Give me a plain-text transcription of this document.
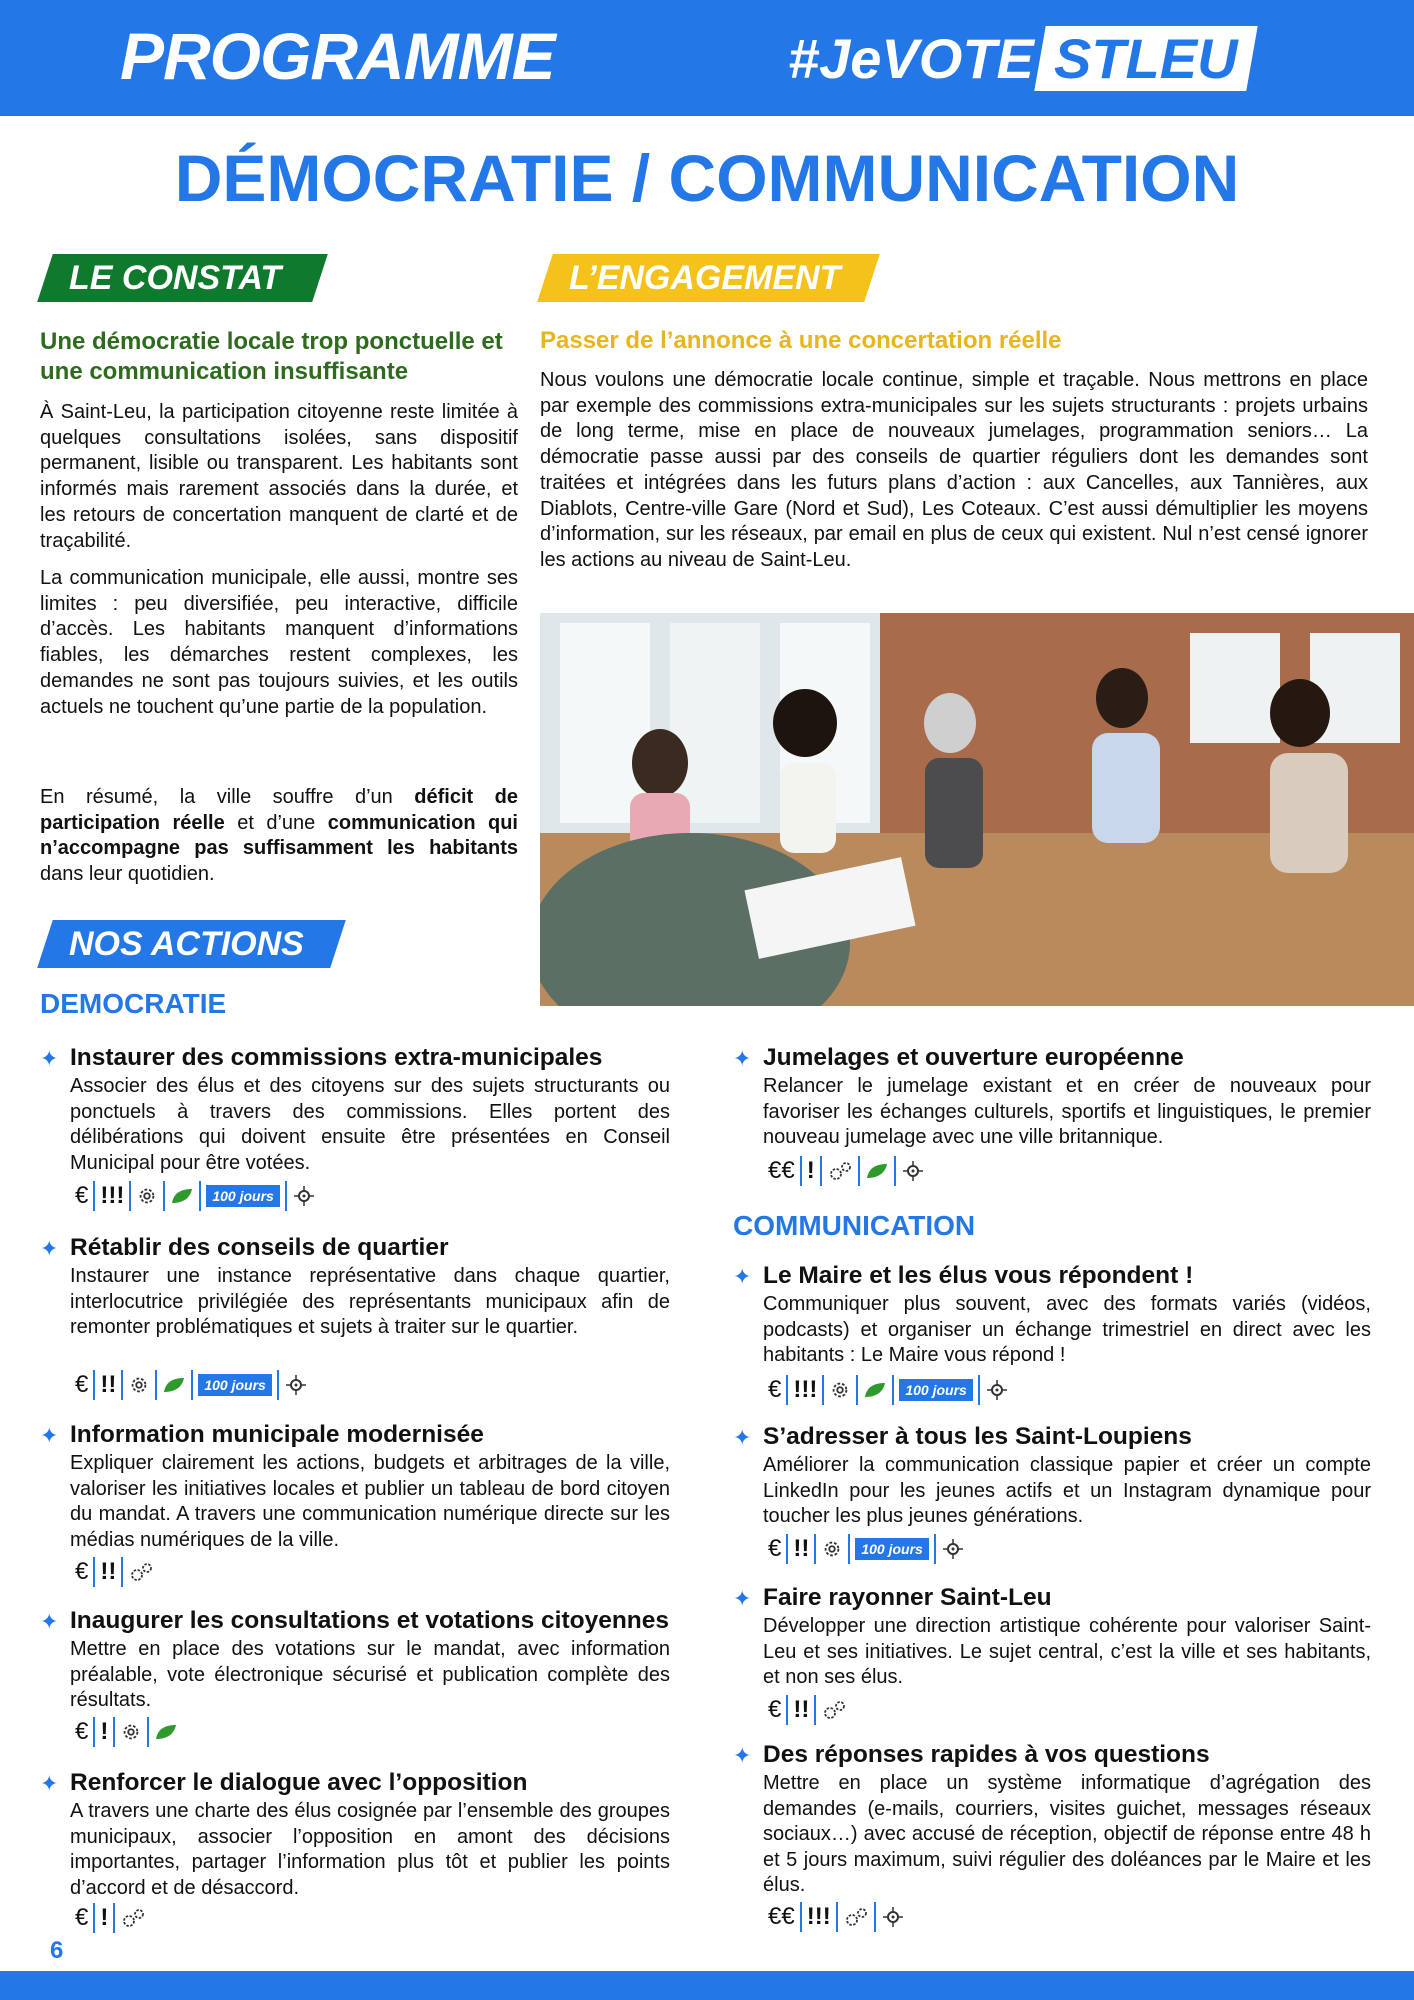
PROGRAMME	#JeVOTE STLEU
DÉMOCRATIE / COMMUNICATION
LE CONSTAT
Une démocratie locale trop ponctuelle et une communication insuffisante

À Saint-Leu, la participation citoyenne reste limitée à quelques consultations isolées, sans dispositif permanent, lisible ou transparent. Les habitants sont informés mais rarement associés dans la durée, et les retours de concertation manquent de clarté et de traçabilité.

La communication municipale, elle aussi, montre ses limites : peu diversifiée, peu interactive, difficile d’accès. Les habitants manquent d’informations fiables, les démarches restent complexes, les demandes ne sont pas toujours suivies, et les outils actuels ne touchent qu’une partie de la population.

En résumé, la ville souffre d’un déficit de participation réelle et d’une communication qui n’accompagne pas suffisamment les habitants dans leur quotidien.

L’ENGAGEMENT
Passer de l’annonce à une concertation réelle

Nous voulons une démocratie locale continue, simple et traçable. Nous mettrons en place par exemple des commissions extra-municipales sur les sujets structurants : projets urbains de long terme, mise en place de nouveaux jumelages, programmation seniors… La démocratie passe aussi par des conseils de quartier réguliers dont les demandes sont traitées et intégrées dans les futurs plans d’action : aux Cancelles, aux Tannières, aux Diablots, Centre-ville Gare (Nord et Sud), Les Coteaux. C’est aussi démultiplier les moyens d’information, sur les réseaux, par email en plus de ceux qui existent. Nul n’est censé ignorer les actions au niveau de Saint-Leu.

NOS ACTIONS
DEMOCRATIE
✦ Instaurer des commissions extra-municipales
Associer des élus et des citoyens sur des sujets structurants ou ponctuels à travers des commissions. Elles portent des délibérations qui doivent ensuite être présentées en Conseil Municipal pour être votées.
€ !!!	100 jours
✦ Rétablir des conseils de quartier
Instaurer une instance représentative dans chaque quartier, interlocutrice privilégiée des représentants municipaux afin de remonter problématiques et sujets à traiter sur le quartier.
€ !!	100 jours
✦ Information municipale modernisée
Expliquer clairement les actions, budgets et arbitrages de la ville, valoriser les initiatives locales et publier un tableau de bord citoyen du mandat. A travers une communication numérique directe sur les médias numériques de la ville.
€ !!
✦ Inaugurer les consultations et votations citoyennes
Mettre en place des votations sur le mandat, avec information préalable, vote électronique sécurisé et publication complète des résultats.
€ !
✦ Renforcer le dialogue avec l’opposition
A travers une charte des élus cosignée par l’ensemble des groupes municipaux, associer l’opposition en amont des décisions importantes, partager l’information plus tôt et publier les points d’accord et de désaccord.
€ !
✦ Jumelages et ouverture européenne
Relancer le jumelage existant et en créer de nouveaux pour favoriser les échanges culturels, sportifs et linguistiques, le premier nouveau jumelage avec une ville britannique.
€€ !
COMMUNICATION
✦ Le Maire et les élus vous répondent !
Communiquer plus souvent, avec des formats variés (vidéos, podcasts) et organiser un échange trimestriel en direct avec les habitants : Le Maire vous répond !
€ !!!	100 jours
✦ S’adresser à tous les Saint-Loupiens
Améliorer la communication classique papier et créer un compte LinkedIn pour les jeunes actifs et un Instagram dynamique pour toucher les plus jeunes générations.
€ !!	100 jours
✦ Faire rayonner Saint-Leu
Développer une direction artistique cohérente pour valoriser Saint-Leu et ses initiatives. Le sujet central, c’est la ville et ses habitants, et non ses élus.
€ !!
✦ Des réponses rapides à vos questions
Mettre en place un système informatique d’agrégation des demandes (e-mails, courriers, visites guichet, messages réseaux sociaux…) avec accusé de réception, objectif de réponse entre 48 h et 5 jours maximum, suivi régulier des doléances par le Maire et les élus.
€€ !!!
6
